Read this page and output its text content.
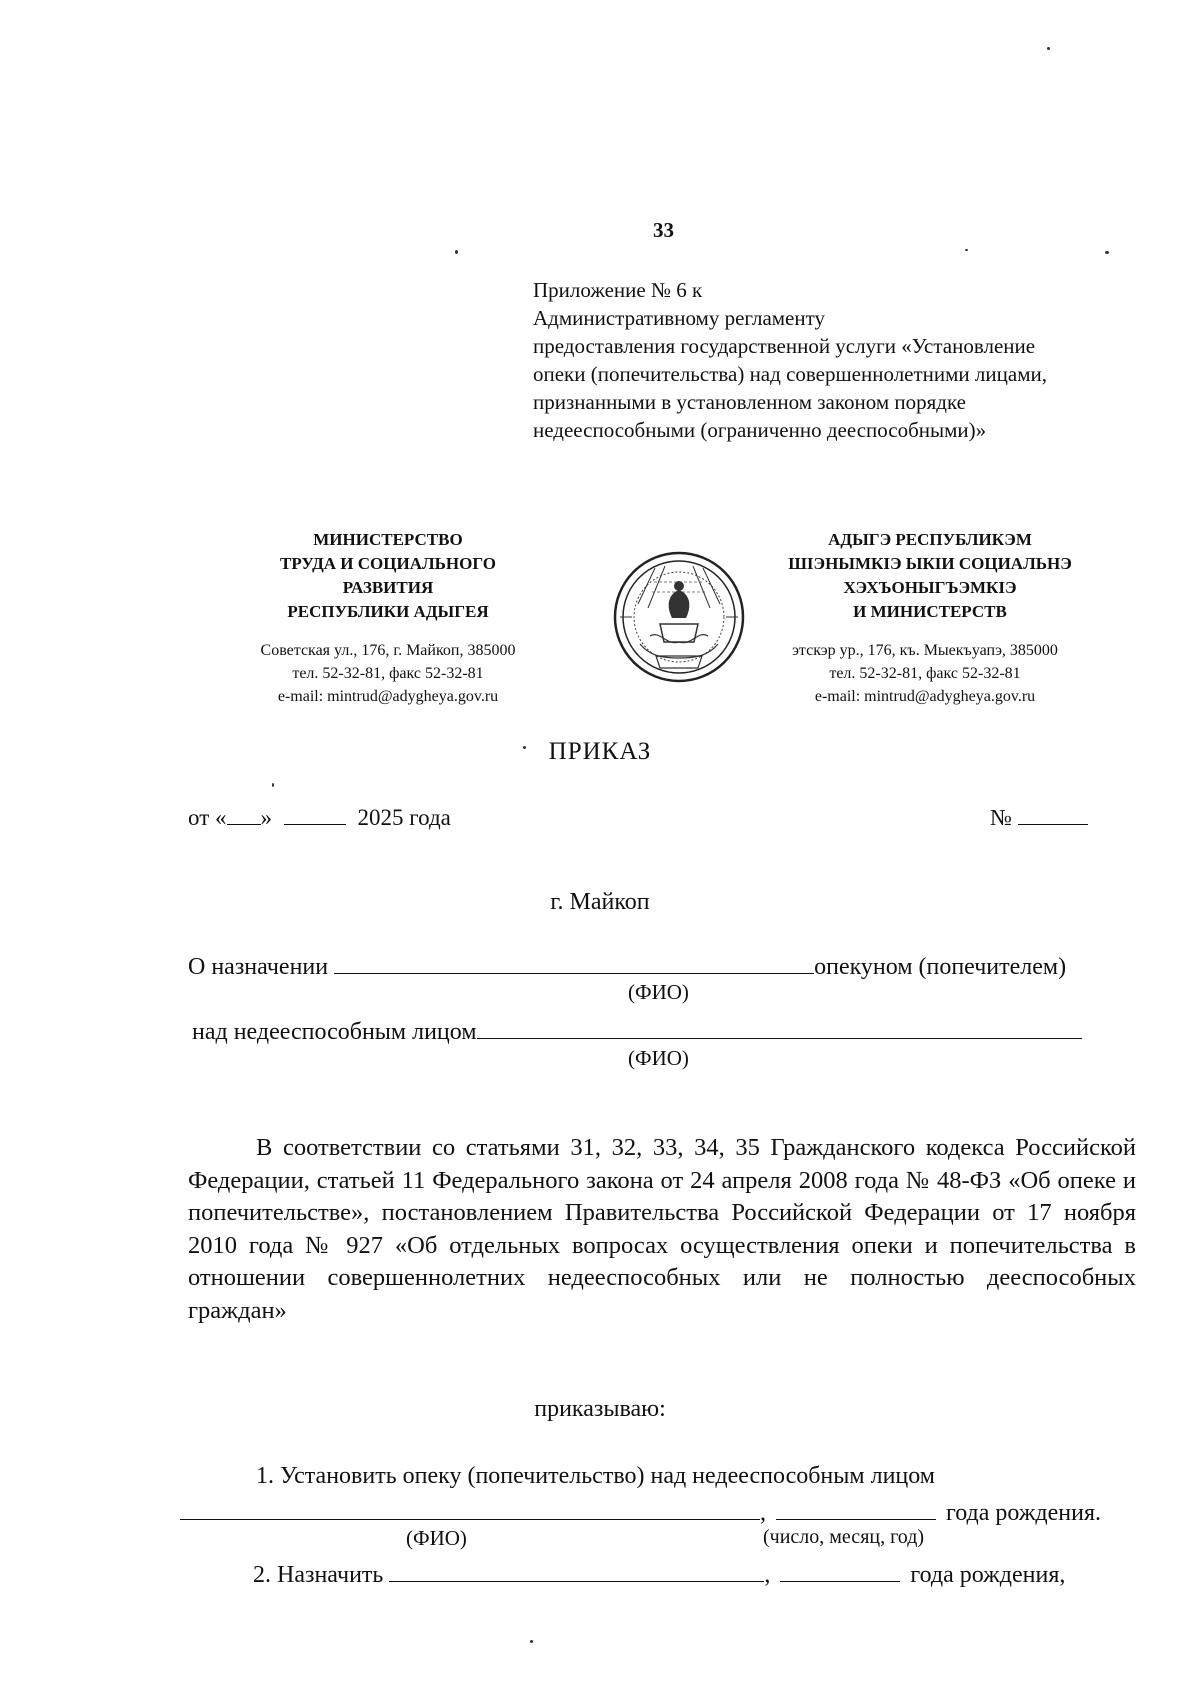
33
Приложение № 6 к
Административному регламенту
предоставления государственной услуги «Установление
опеки (попечительства) над совершеннолетними лицами,
признанными в установленном законом порядке
недееспособными (ограниченно дееспособными)»
МИНИСТЕРСТВО
ТРУДА И СОЦИАЛЬНОГО
РАЗВИТИЯ
РЕСПУБЛИКИ АДЫГЕЯ
Советская ул., 176, г. Майкоп, 385000
тел. 52-32-81, факс 52-32-81
e-mail: mintrud@adygheya.gov.ru
АДЫГЭ РЕСПУБЛИКЭМ
ШIЭНЫМКIЭ ЫКIИ СОЦИАЛЬНЭ
ХЭХЪОНЫГЪЭМКIЭ
И МИНИСТЕРСТВ
этскэр ур., 176, къ. Мыекъуапэ, 385000
тел. 52-32-81, факс 52-32-81
e-mail: mintrud@adygheya.gov.ru
ПРИКАЗ
от « »	2025 года	№
г. Майкоп
О назначении	опекуном (попечителем)
(ФИО)
над недееспособным лицом
(ФИО)
В соответствии со статьями 31, 32, 33, 34, 35 Гражданского кодекса Российской Федерации, статьей 11 Федерального закона от 24 апреля 2008 года № 48-ФЗ «Об опеке и попечительстве», постановлением Правительства Российской Федерации от 17 ноября 2010 года № 927 «Об отдельных вопросах осуществления опеки и попечительства в отношении совершеннолетних недееспособных или не полностью дееспособных граждан»
приказываю:
1. Установить опеку (попечительство) над недееспособным лицом
,	года рождения.
(ФИО)	(число, месяц, год)
2. Назначить	,	года рождения,
